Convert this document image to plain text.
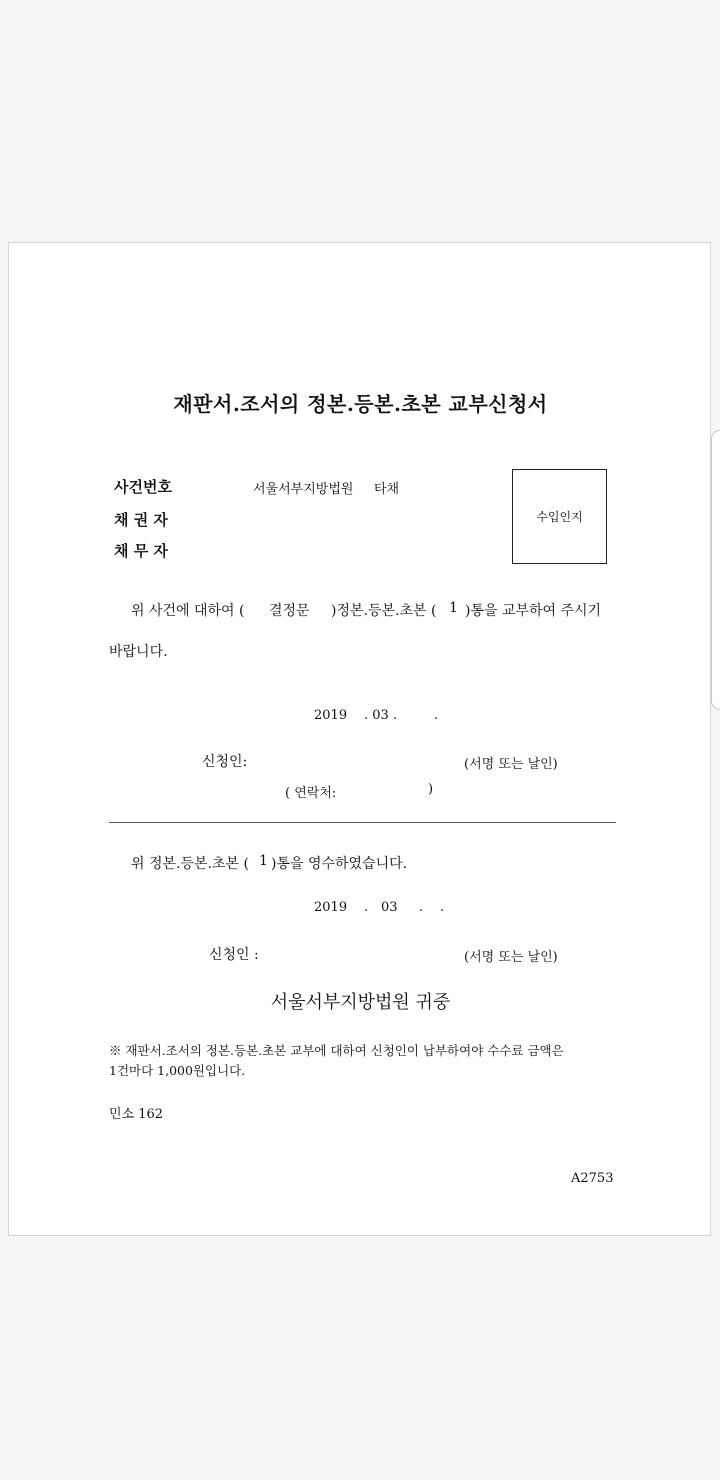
재판서.조서의 정본.등본.초본 교부신청서
사건번호	서울서부지방법원 타채
채 권 자
채 무 자
수입인지
위 사건에 대하여 ( 결정문 )정본.등본.초본 ( 1 )통을 교부하여 주시기
바랍니다.
2019 . 03 .	.
신청인:	(서명 또는 날인)
( 연락처:	)
위 정본.등본.초본 ( 1 )통을 영수하였습니다.
2019 . 03 . .
신청인 :	(서명 또는 날인)
서울서부지방법원 귀중
※ 재판서.조서의 정본.등본.초본 교부에 대하여 신청인이 납부하여야 수수료 금액은
1건마다 1,000원입니다.
민소 162
A2753
